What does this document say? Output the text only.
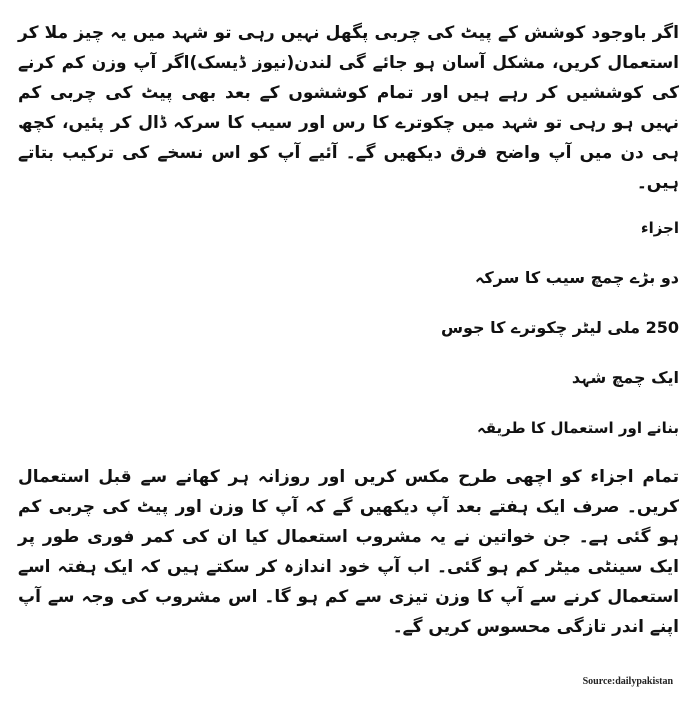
اگر باوجود کوشش کے پیٹ کی چربی پگھل نہیں رہی تو شہد میں یہ چیز ملا کر استعمال کریں، مشکل آسان ہو جائے گی لندن(نیوز ڈیسک)اگر آپ وزن کم کرنے کی کوششیں کر رہے ہیں اور تمام کوششوں کے بعد بھی پیٹ کی چربی کم نہیں ہو رہی تو شہد میں چکوترے کا رس اور سیب کا سرکہ ڈال کر پئیں، کچھ ہی دن میں آپ واضح فرق دیکھیں گے۔ آئیے آپ کو اس نسخے کی ترکیب بتاتے ہیں۔

اجزاء

دو بڑے چمچ سیب کا سرکہ

250 ملی لیٹر چکوترے کا جوس

ایک چمچ شہد

بنانے اور استعمال کا طریقہ

تمام اجزاء کو اچھی طرح مکس کریں اور روزانہ ہر کھانے سے قبل استعمال کریں۔ صرف ایک ہفتے بعد آپ دیکھیں گے کہ آپ کا وزن اور پیٹ کی چربی کم ہو گئی ہے۔ جن خواتین نے یہ مشروب استعمال کیا ان کی کمر فوری طور پر ایک سینٹی میٹر کم ہو گئی۔ اب آپ خود اندازہ کر سکتے ہیں کہ ایک ہفتہ اسے استعمال کرنے سے آپ کا وزن تیزی سے کم ہو گا۔ اس مشروب کی وجہ سے آپ اپنے اندر تازگی محسوس کریں گے۔

Source:dailypakistan
